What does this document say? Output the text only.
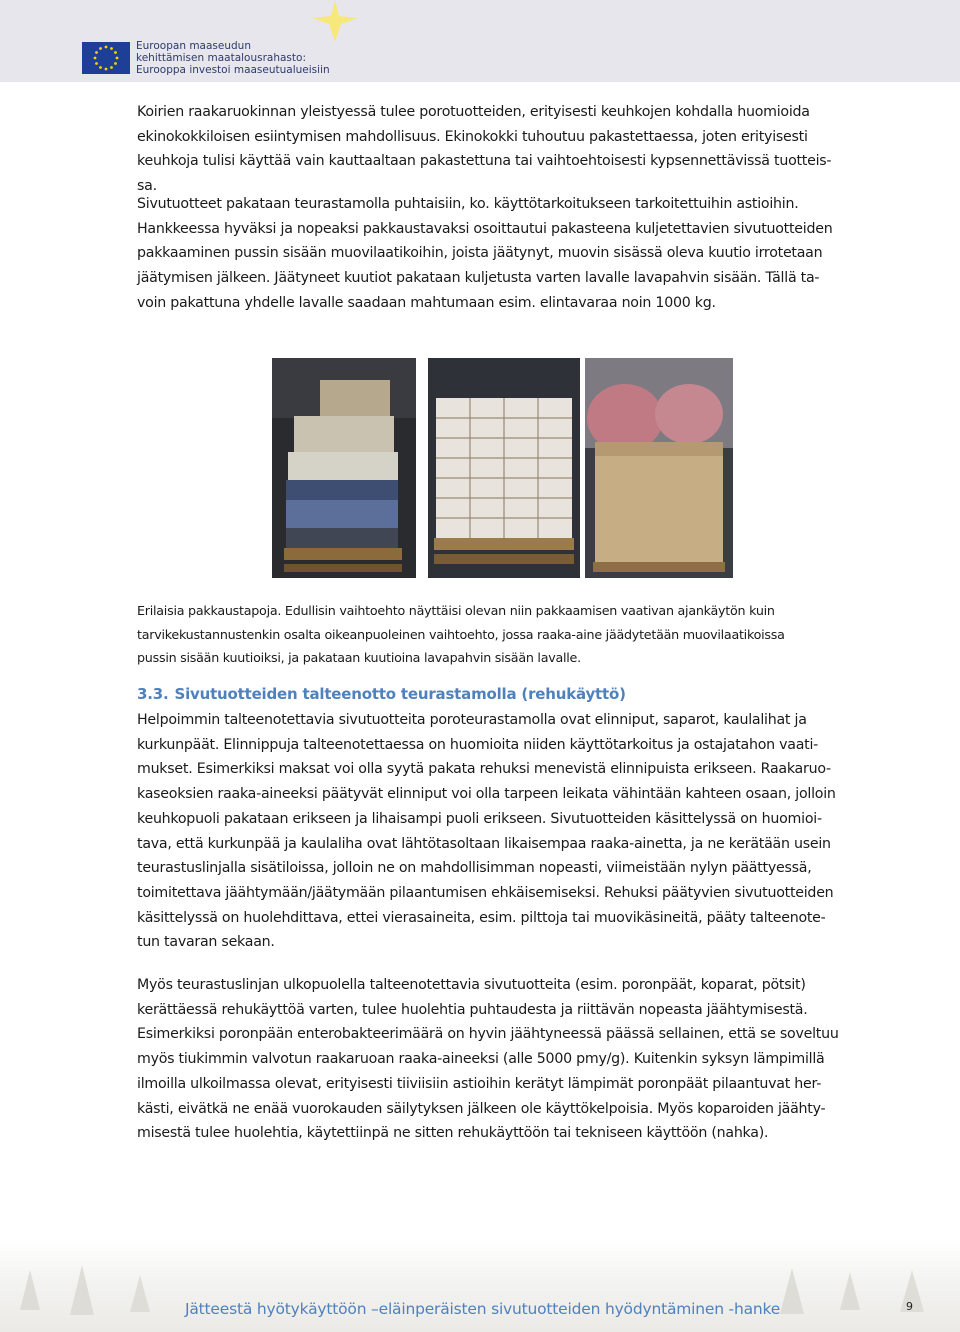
Euroopan maaseudun
kehittämisen maatalousrahasto:
Eurooppa investoi maaseutualueisiin
Koirien raakaruokinnan yleistyessä tulee porotuotteiden, erityisesti keuhkojen kohdalla huomioida
ekinokokkiloisen esiintymisen mahdollisuus. Ekinokokki tuhoutuu pakastettaessa, joten erityisesti
keuhkoja tulisi käyttää vain kauttaaltaan pakastettuna tai vaihtoehtoisesti kypsennettävissä tuotteis-
sa.
Sivutuotteet pakataan teurastamolla puhtaisiin, ko. käyttötarkoitukseen tarkoitettuihin astioihin.
Hankkeessa hyväksi ja nopeaksi pakkaustavaksi osoittautui pakasteena kuljetettavien sivutuotteiden
pakkaaminen pussin sisään muovilaatikoihin, joista jäätynyt, muovin sisässä oleva kuutio irrotetaan
jäätymisen jälkeen. Jäätyneet kuutiot pakataan kuljetusta varten lavalle lavapahvin sisään. Tällä ta-
voin pakattuna yhdelle lavalle saadaan mahtumaan esim. elintavaraa noin 1000 kg.
Erilaisia pakkaustapoja. Edullisin vaihtoehto näyttäisi olevan niin pakkaamisen vaativan ajankäytön kuin
tarvikekustannustenkin osalta oikeanpuoleinen vaihtoehto, jossa raaka-aine jäädytetään muovilaatikoissa
pussin sisään kuutioiksi, ja pakataan kuutioina lavapahvin sisään lavalle.
3.3. Sivutuotteiden talteenotto teurastamolla (rehukäyttö)
Helpoimmin talteenotettavia sivutuotteita poroteurastamolla ovat elinniput, saparot, kaulalihat ja
kurkunpäät. Elinnippuja talteenotettaessa on huomioita niiden käyttötarkoitus ja ostajatahon vaati-
mukset. Esimerkiksi maksat voi olla syytä pakata rehuksi menevistä elinnipuista erikseen. Raakaruo-
kaseoksien raaka-aineeksi päätyvät elinniput voi olla tarpeen leikata vähintään kahteen osaan, jolloin
keuhkopuoli pakataan erikseen ja lihaisampi puoli erikseen. Sivutuotteiden käsittelyssä on huomioi-
tava, että kurkunpää ja kaulaliha ovat lähtötasoltaan likaisempaa raaka-ainetta, ja ne kerätään usein
teurastuslinjalla sisätiloissa, jolloin ne on mahdollisimman nopeasti, viimeistään nylyn päättyessä,
toimitettava jäähtymään/jäätymään pilaantumisen ehkäisemiseksi. Rehuksi päätyvien sivutuotteiden
käsittelyssä on huolehdittava, ettei vierasaineita, esim. pilttoja tai muovikäsineitä, pääty talteenote-
tun tavaran sekaan.
Myös teurastuslinjan ulkopuolella talteenotettavia sivutuotteita (esim. poronpäät, koparat, pötsit)
kerättäessä rehukäyttöä varten, tulee huolehtia puhtaudesta ja riittävän nopeasta jäähtymisestä.
Esimerkiksi poronpään enterobakteerimäärä on hyvin jäähtyneessä päässä sellainen, että se soveltuu
myös tiukimmin valvotun raakaruoan raaka-aineeksi (alle 5000 pmy/g). Kuitenkin syksyn lämpimillä
ilmoilla ulkoilmassa olevat, erityisesti tiiviisiin astioihin kerätyt lämpimät poronpäät pilaantuvat her-
kästi, eivätkä ne enää vuorokauden säilytyksen jälkeen ole käyttökelpoisia. Myös koparoiden jäähty-
misestä tulee huolehtia, käytettiinpä ne sitten rehukäyttöön tai tekniseen käyttöön (nahka).
Jätteestä hyötykäyttöön –eläinperäisten sivutuotteiden hyödyntäminen -hanke	9
